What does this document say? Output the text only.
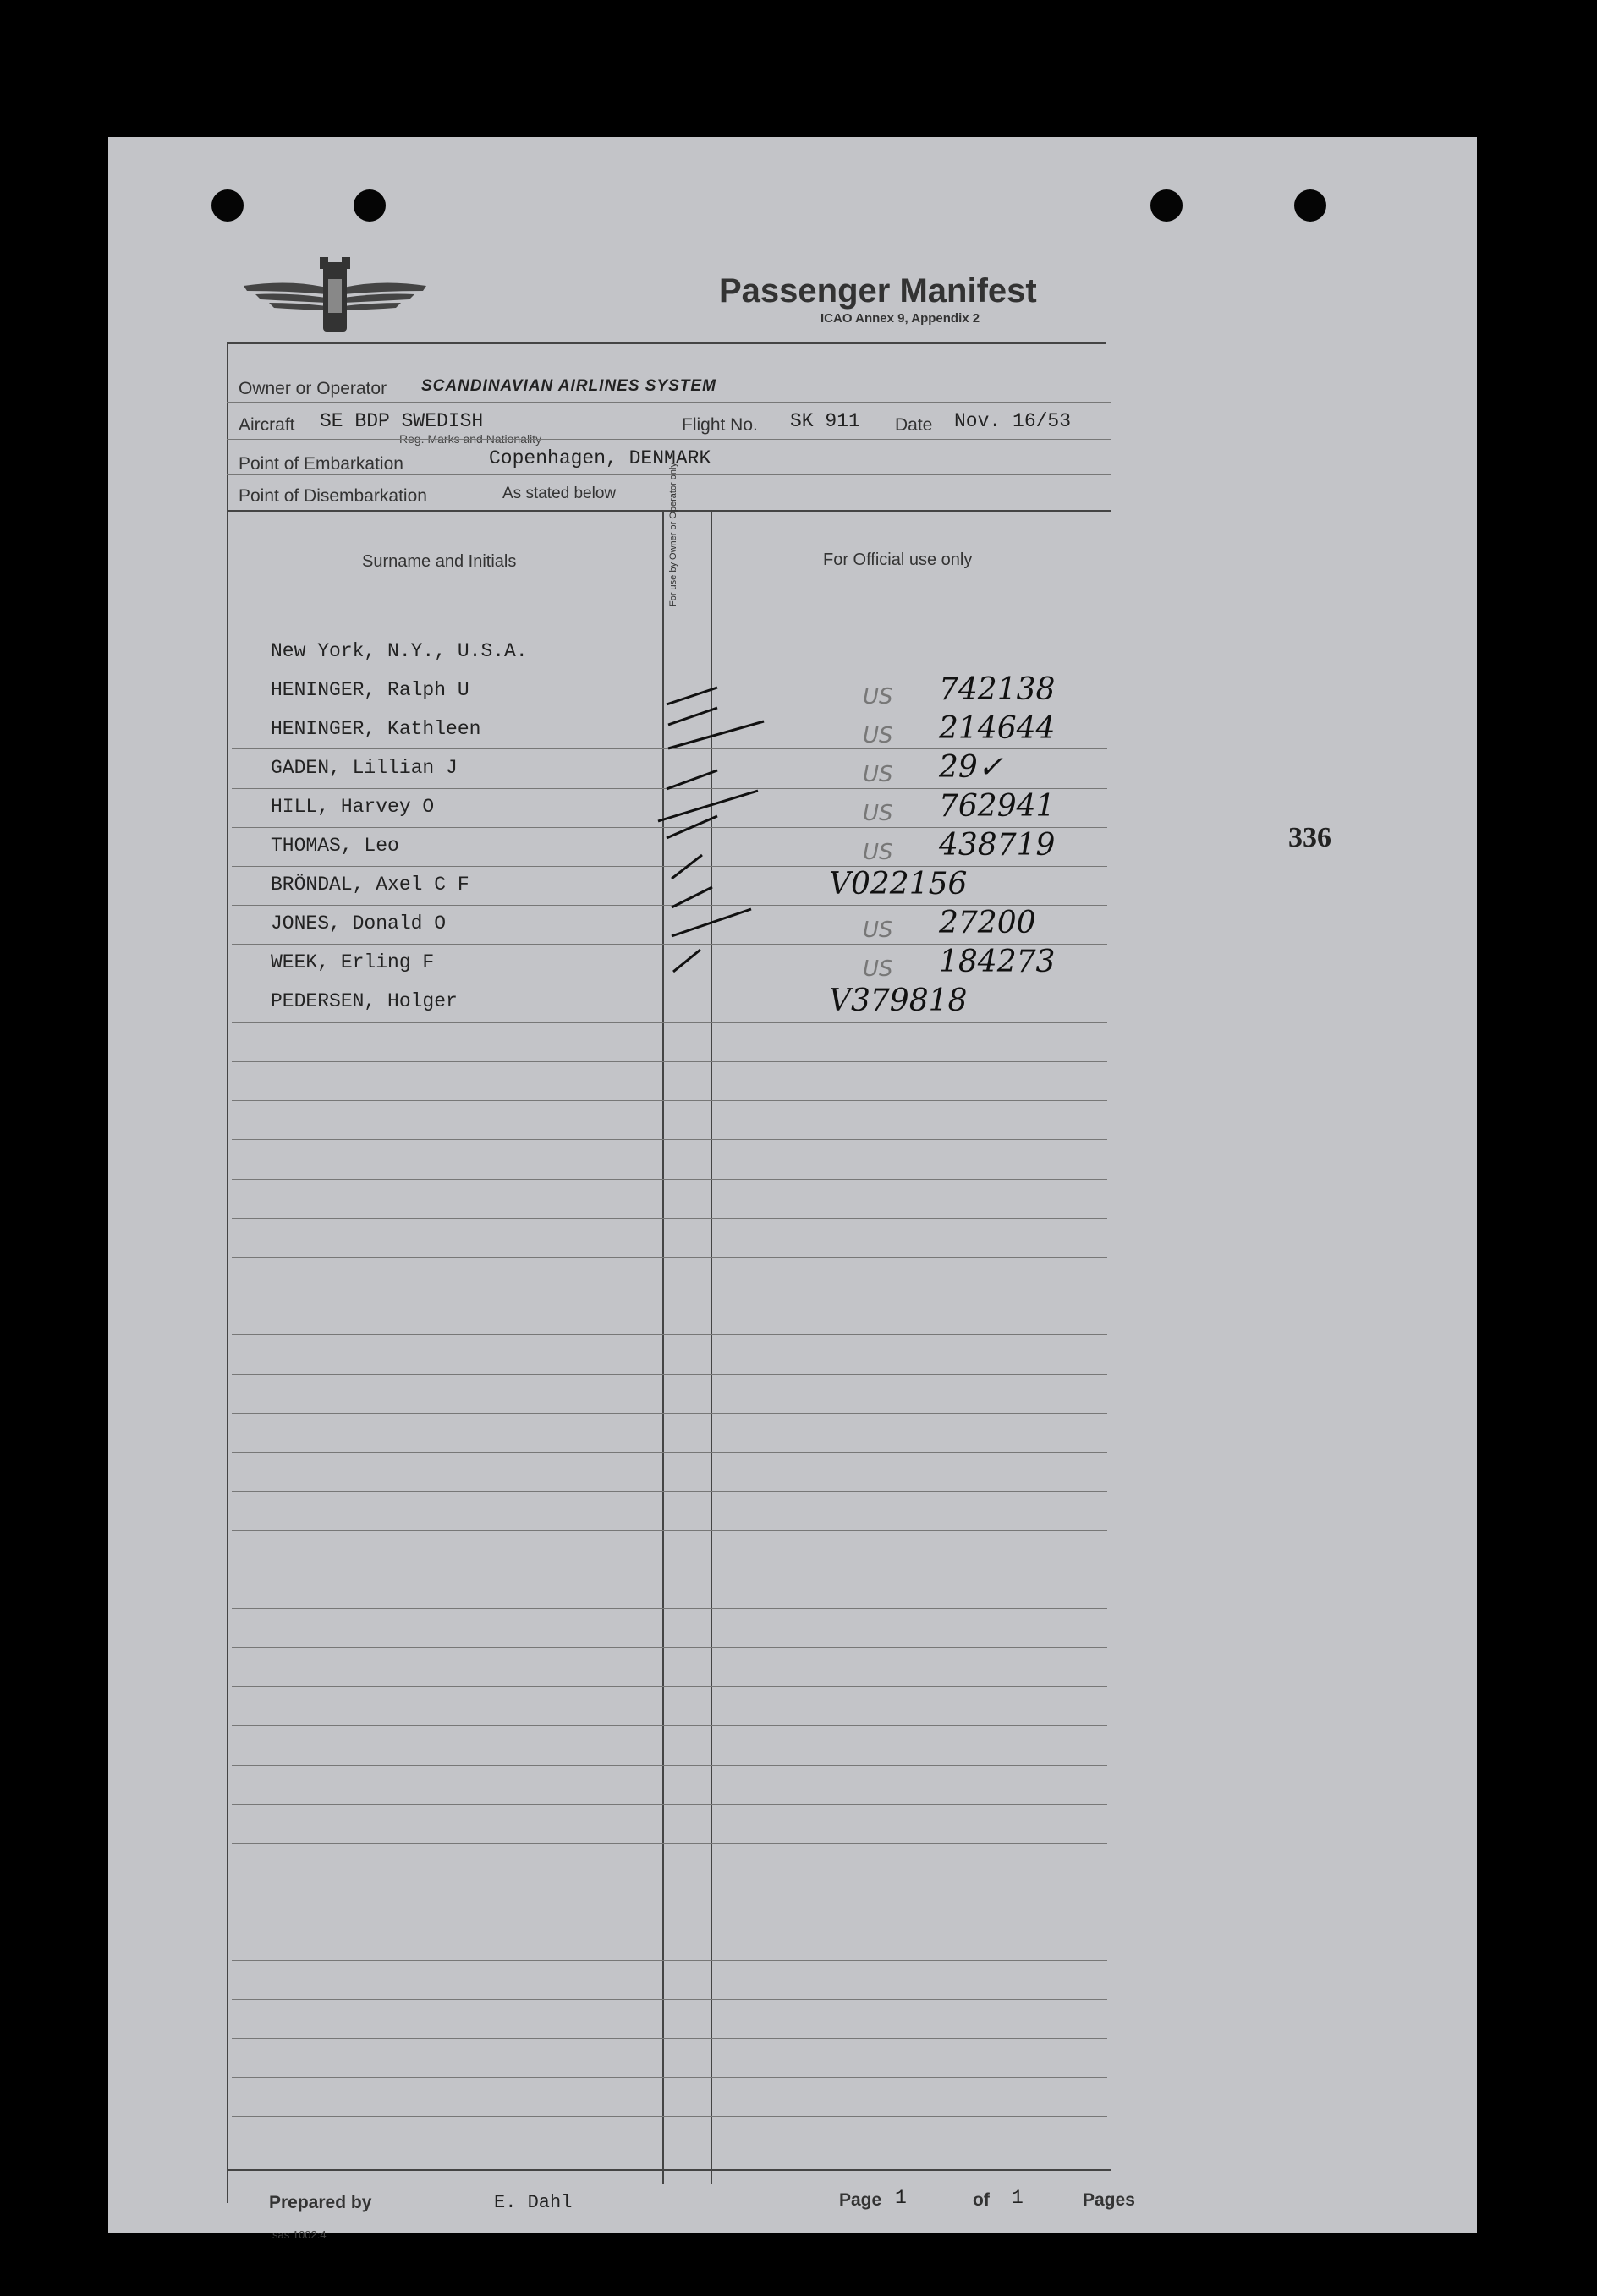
Passenger Manifest
ICAO Annex 9, Appendix 2
Owner or Operator SCANDINAVIAN AIRLINES SYSTEM
Aircraft SE BDP SWEDISH
Reg. Marks and Nationality
Flight No. SK 911 Date Nov. 16/53
Point of Embarkation	Copenhagen, DENMARK
Point of Disembarkation	As stated below
Surname and Initials	For use by Owner or Operator only	For Official use only
New York, N.Y., U.S.A.
HENINGER, Ralph U	US 742138
HENINGER, Kathleen	US 214644
GADEN, Lillian J	US 29✓
HILL, Harvey O	US 762941
THOMAS, Leo	US 438719
BRÖNDAL, Axel C F	V022156
JONES, Donald O	US 27200
WEEK, Erling F	US 184273
PEDERSEN, Holger	V379818
Prepared by	E. Dahl	Page 1	of 1	Pages
sas 1002:4
336
